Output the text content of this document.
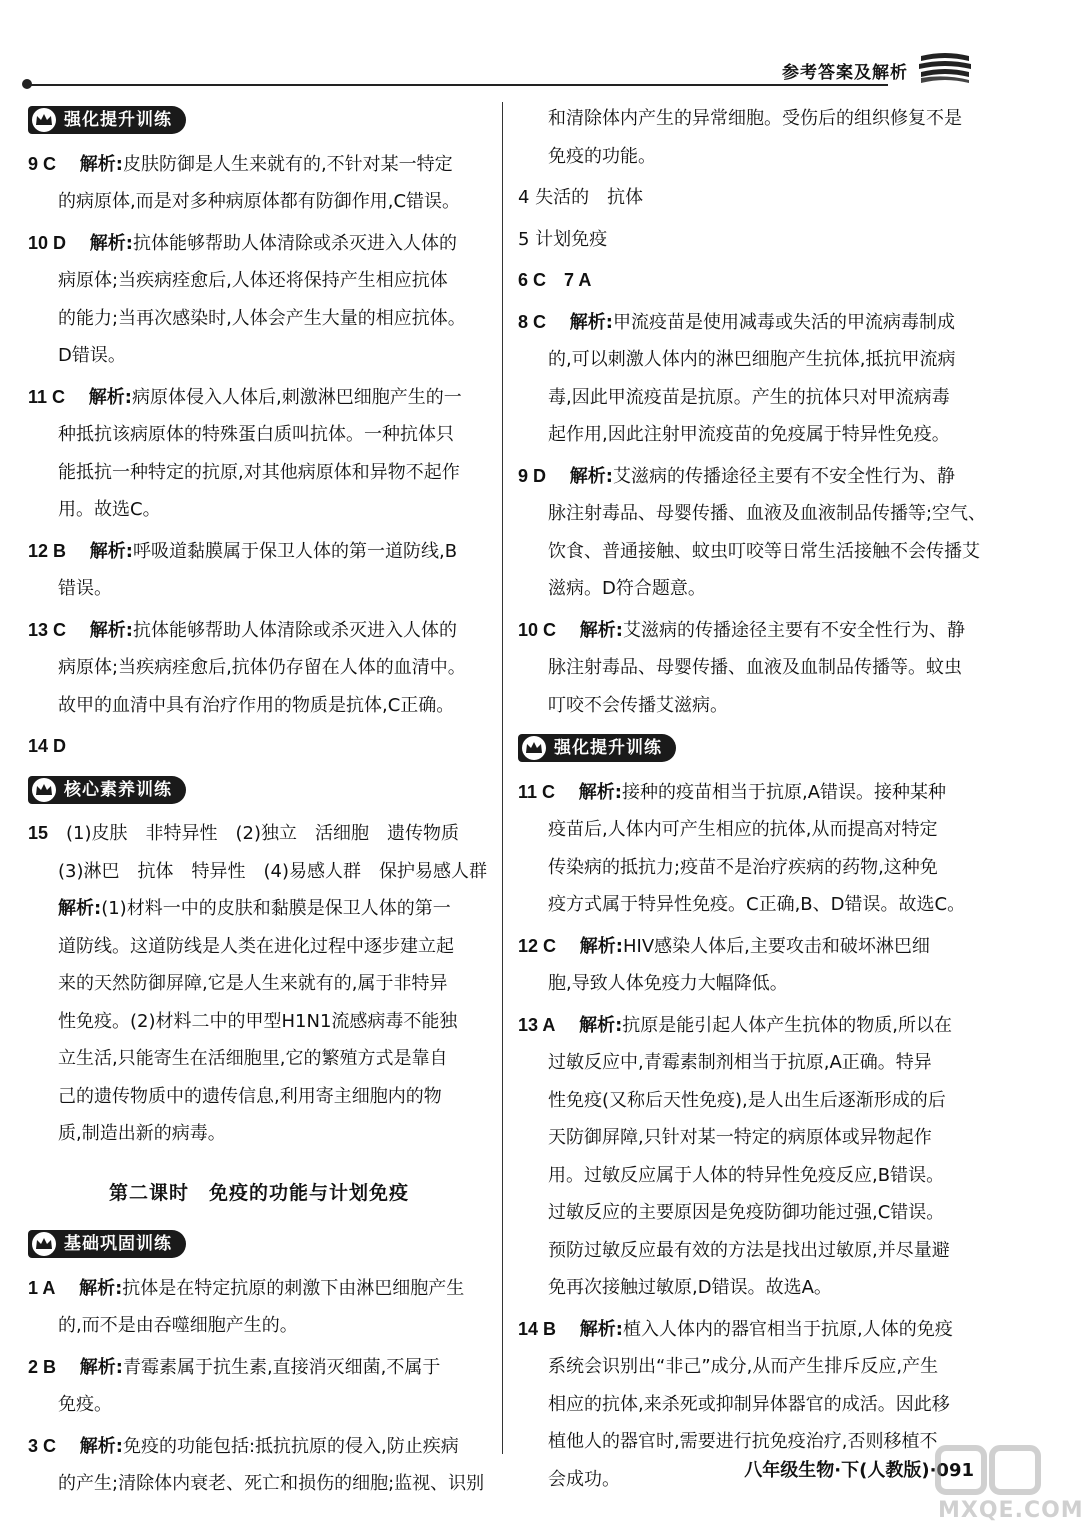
参考答案及解析
强化提升训练
9 C　 解析:皮肤防御是人生来就有的,不针对某一特定
的病原体,而是对多种病原体都有防御作用,C错误。
10 D　 解析:抗体能够帮助人体清除或杀灭进入人体的
病原体;当疾病痊愈后,人体还将保持产生相应抗体
的能力;当再次感染时,人体会产生大量的相应抗体。
D错误。
11 C　 解析:病原体侵入人体后,刺激淋巴细胞产生的一
种抵抗该病原体的特殊蛋白质叫抗体。一种抗体只
能抵抗一种特定的抗原,对其他病原体和异物不起作
用。故选C。
12 B　 解析:呼吸道黏膜属于保卫人体的第一道防线,B
错误。
13 C　 解析:抗体能够帮助人体清除或杀灭进入人体的
病原体;当疾病痊愈后,抗体仍存留在人体的血清中。
故甲的血清中具有治疗作用的物质是抗体,C正确。
14 D
核心素养训练
15　 (1)皮肤　非特异性　(2)独立　活细胞　遗传物质
(3)淋巴　抗体　特异性　(4)易感人群　保护易感人群
解析:(1)材料一中的皮肤和黏膜是保卫人体的第一
道防线。这道防线是人类在进化过程中逐步建立起
来的天然防御屏障,它是人生来就有的,属于非特异
性免疫。(2)材料二中的甲型H1N1流感病毒不能独
立生活,只能寄生在活细胞里,它的繁殖方式是靠自
己的遗传物质中的遗传信息,利用寄主细胞内的物
质,制造出新的病毒。
第二课时　免疫的功能与计划免疫
基础巩固训练
1 A　 解析:抗体是在特定抗原的刺激下由淋巴细胞产生
的,而不是由吞噬细胞产生的。
2 B　 解析:青霉素属于抗生素,直接消灭细菌,不属于
免疫。
3 C　 解析:免疫的功能包括:抵抗抗原的侵入,防止疾病
的产生;清除体内衰老、死亡和损伤的细胞;监视、识别
和清除体内产生的异常细胞。受伤后的组织修复不是
免疫的功能。
4 失活的　抗体
5 计划免疫
6 C　7 A
8 C　 解析:甲流疫苗是使用减毒或失活的甲流病毒制成
的,可以刺激人体内的淋巴细胞产生抗体,抵抗甲流病
毒,因此甲流疫苗是抗原。产生的抗体只对甲流病毒
起作用,因此注射甲流疫苗的免疫属于特异性免疫。
9 D　 解析:艾滋病的传播途径主要有不安全性行为、静
脉注射毒品、母婴传播、血液及血液制品传播等;空气、
饮食、普通接触、蚊虫叮咬等日常生活接触不会传播艾
滋病。D符合题意。
10 C　 解析:艾滋病的传播途径主要有不安全性行为、静
脉注射毒品、母婴传播、血液及血制品传播等。蚊虫
叮咬不会传播艾滋病。
强化提升训练
11 C　 解析:接种的疫苗相当于抗原,A错误。接种某种
疫苗后,人体内可产生相应的抗体,从而提高对特定
传染病的抵抗力;疫苗不是治疗疾病的药物,这种免
疫方式属于特异性免疫。C正确,B、D错误。故选C。
12 C　 解析:HIV感染人体后,主要攻击和破坏淋巴细
胞,导致人体免疫力大幅降低。
13 A　 解析:抗原是能引起人体产生抗体的物质,所以在
过敏反应中,青霉素制剂相当于抗原,A正确。特异
性免疫(又称后天性免疫),是人出生后逐渐形成的后
天防御屏障,只针对某一特定的病原体或异物起作
用。过敏反应属于人体的特异性免疫反应,B错误。
过敏反应的主要原因是免疫防御功能过强,C错误。
预防过敏反应最有效的方法是找出过敏原,并尽量避
免再次接触过敏原,D错误。故选A。
14 B　 解析:植入人体内的器官相当于抗原,人体的免疫
系统会识别出“非己”成分,从而产生排斥反应,产生
相应的抗体,来杀死或抑制异体器官的成活。因此移
植他人的器官时,需要进行抗免疫治疗,否则移植不
会成功。	八年级生物·下(人教版)·091
MXQE.COM
